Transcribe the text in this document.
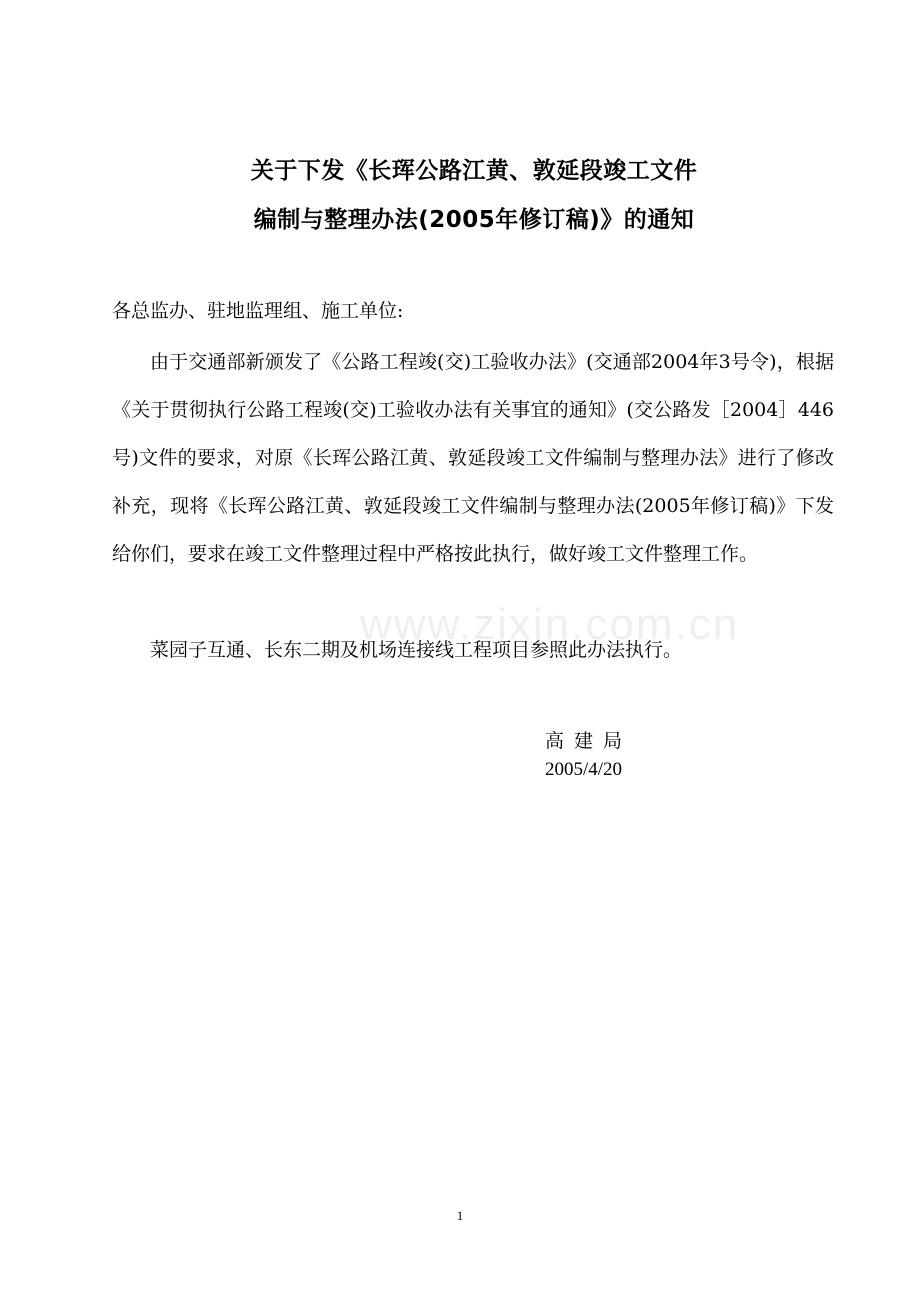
关于下发《长珲公路江黄、敦延段竣工文件
编制与整理办法(2005年修订稿)》的通知
各总监办、驻地监理组、施工单位:
由于交通部新颁发了《公路工程竣(交)工验收办法》(交通部2004年3号令)，根据《关于贯彻执行公路工程竣(交)工验收办法有关事宜的通知》(交公路发［2004］446号)文件的要求，对原《长珲公路江黄、敦延段竣工文件编制与整理办法》进行了修改补充，现将《长珲公路江黄、敦延段竣工文件编制与整理办法(2005年修订稿)》下发给你们，要求在竣工文件整理过程中严格按此执行，做好竣工文件整理工作。
菜园子互通、长东二期及机场连接线工程项目参照此办法执行。
www.zixin.com.cn
高建局
2005/4/20
1
